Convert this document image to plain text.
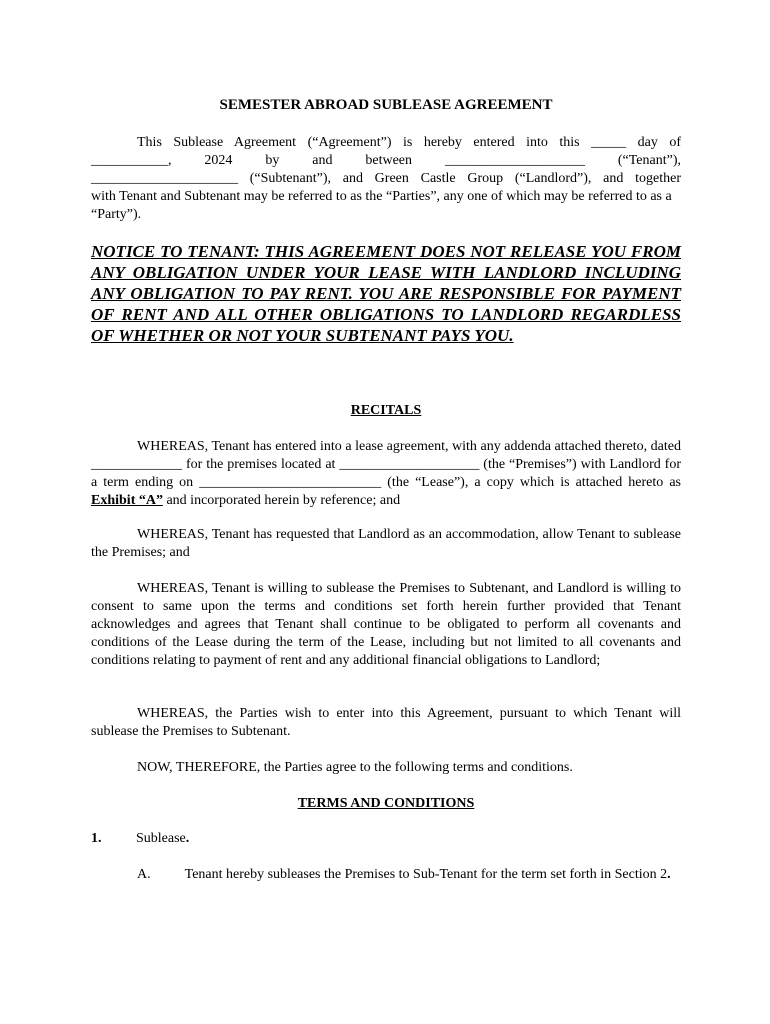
SEMESTER ABROAD SUBLEASE AGREEMENT

This Sublease Agreement (“Agreement”) is hereby entered into this _____ day of

___________, 2024 by and between ____________________ (“Tenant”),

_____________________ (“Subtenant”), and Green Castle Group (“Landlord”), and together

with Tenant and Subtenant may be referred to as the “Parties”, any one of which may be referred to as a “Party”).

NOTICE TO TENANT: THIS AGREEMENT DOES NOT RELEASE YOU FROM ANY OBLIGATION UNDER YOUR LEASE WITH LANDLORD INCLUDING ANY OBLIGATION TO PAY RENT. YOU ARE RESPONSIBLE FOR PAYMENT OF RENT AND ALL OTHER OBLIGATIONS TO LANDLORD REGARDLESS OF WHETHER OR NOT YOUR SUBTENANT PAYS YOU.

RECITALS

WHEREAS, Tenant has entered into a lease agreement, with any addenda attached thereto, dated _____________ for the premises located at ____________________ (the “Premises”) with Landlord for a term ending on __________________________ (the “Lease”), a copy which is attached hereto as Exhibit “A” and incorporated herein by reference; and

WHEREAS, Tenant has requested that Landlord as an accommodation, allow Tenant to sublease the Premises; and

WHEREAS, Tenant is willing to sublease the Premises to Subtenant, and Landlord is willing to consent to same upon the terms and conditions set forth herein further provided that Tenant acknowledges and agrees that Tenant shall continue to be obligated to perform all covenants and conditions of the Lease during the term of the Lease, including but not limited to all covenants and conditions relating to payment of rent and any additional financial obligations to Landlord;

WHEREAS, the Parties wish to enter into this Agreement, pursuant to which Tenant will sublease the Premises to Subtenant.

NOW, THEREFORE, the Parties agree to the following terms and conditions.

TERMS AND CONDITIONS

1. Sublease.

A. Tenant hereby subleases the Premises to Sub-Tenant for the term set forth in Section 2.
